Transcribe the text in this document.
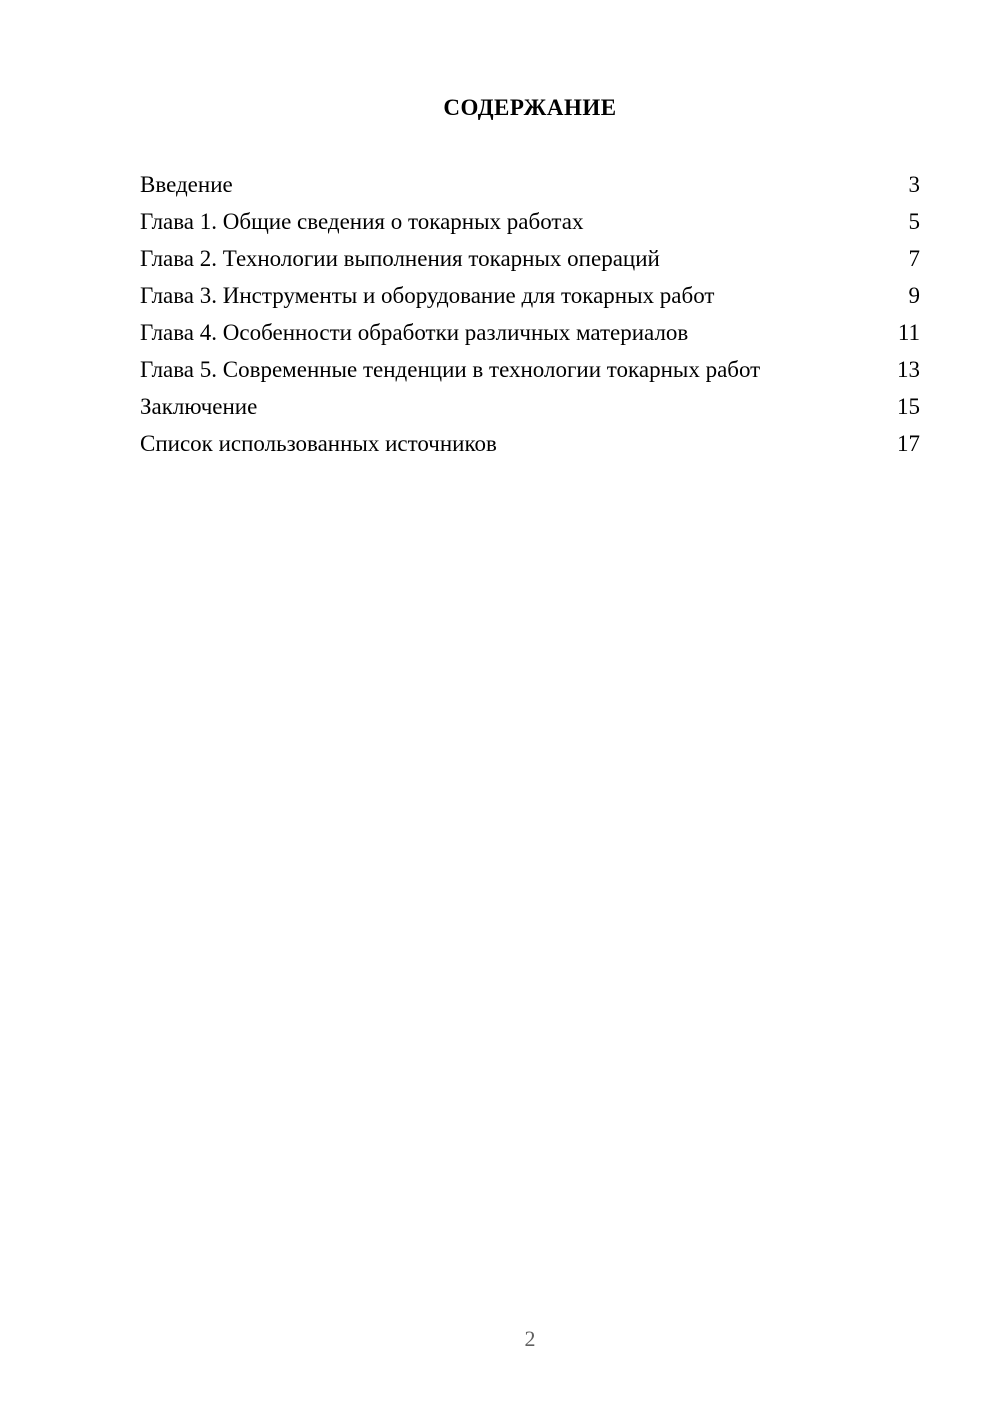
СОДЕРЖАНИЕ
Введение	3
Глава 1. Общие сведения о токарных работах	5
Глава 2. Технологии выполнения токарных операций	7
Глава 3. Инструменты и оборудование для токарных работ	9
Глава 4. Особенности обработки различных материалов	11
Глава 5. Современные тенденции в технологии токарных работ	13
Заключение	15
Список использованных источников	17
2
